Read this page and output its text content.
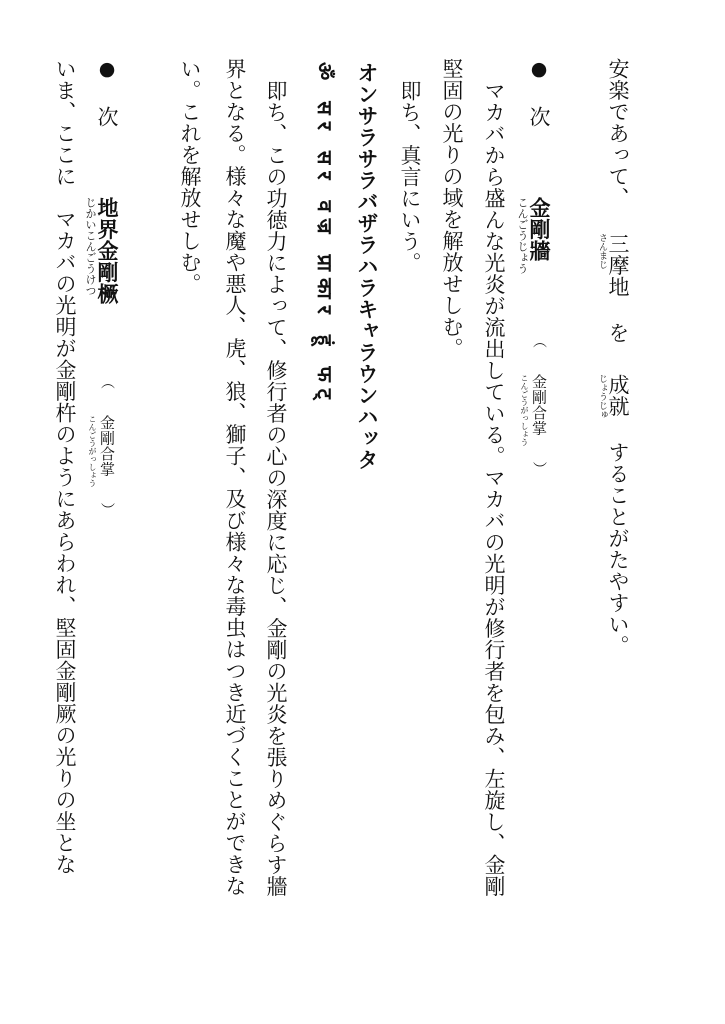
安楽であって、 三摩地
さんまじ
を 成就
じょうじゅ
することがたやすい。
● 次  金剛牆
こんごうじょう
（ 金剛合掌
こんごうがっしょう
）
マカバから盛んな光炎が流出している。マカバの光明が修行者を包み、左旋し、金剛
堅固の光りの域を解放せしむ。
即ち、真言にいう。
オンサラサラバザラハラキャラウンハッタ
ॐ सर सर वज्र प्राकार हूं फट्
即ち、この功徳力によって、修行者の心の深度に応じ、金剛の光炎を張りめぐらす牆
界となる。様々な魔や悪人、虎、狼、獅子、及び様々な毒虫はつき近づくことができな
い。これを解放せしむ。
● 次  地界金剛橛
じかいこんごうけつ
（ 金剛合掌
こんごうがっしょう
）
いま、ここに　マカバの光明が金剛杵のようにあらわれ、堅固金剛厥の光りの坐とな
